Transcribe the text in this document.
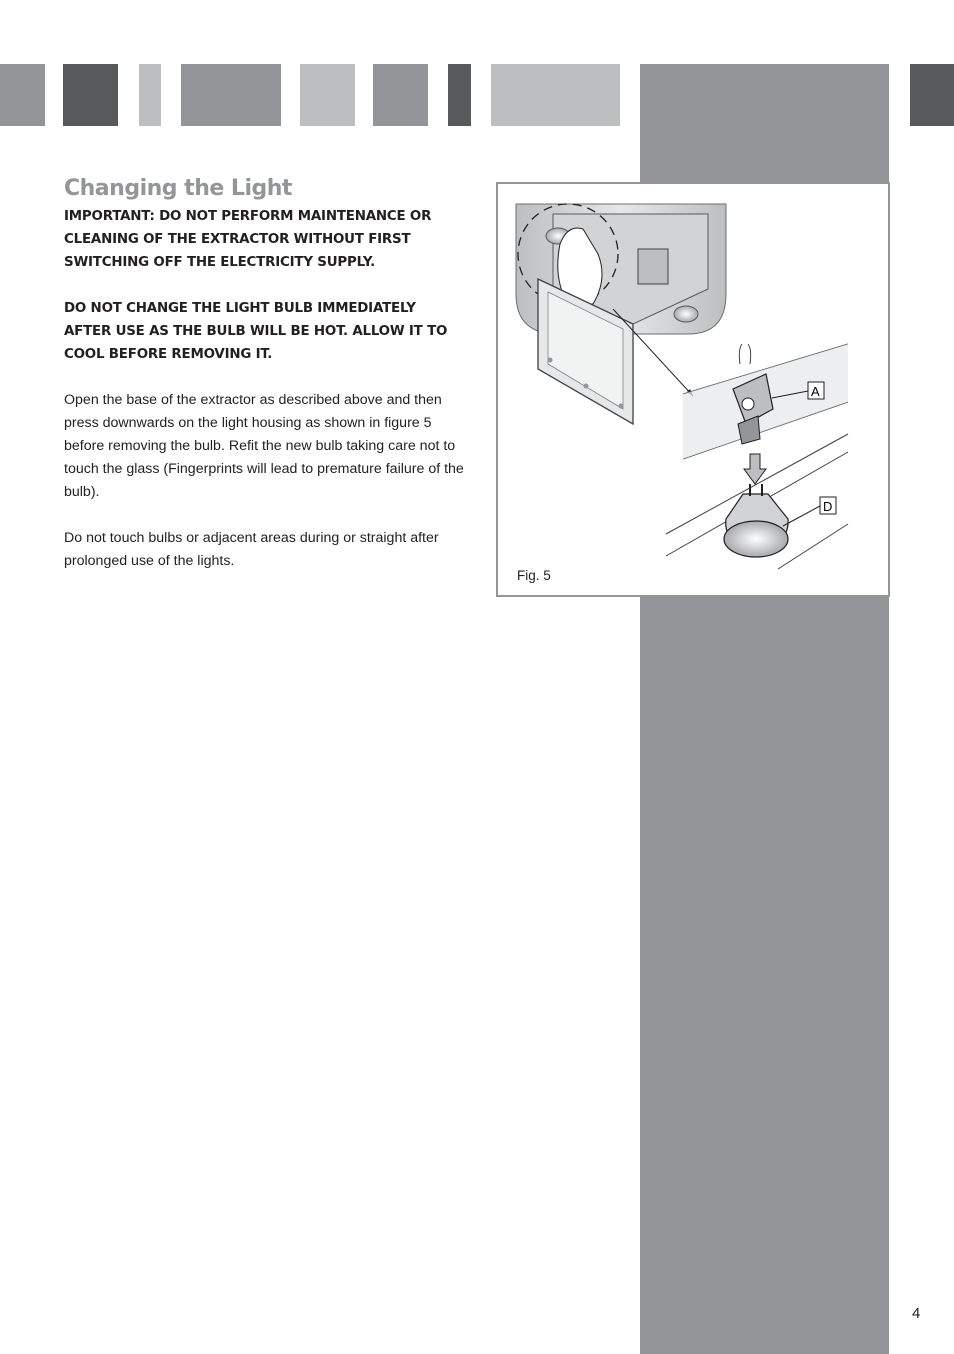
Changing the Light

IMPORTANT: DO NOT PERFORM MAINTENANCE OR CLEANING OF THE EXTRACTOR WITHOUT FIRST SWITCHING OFF THE ELECTRICITY SUPPLY.

DO NOT CHANGE THE LIGHT BULB IMMEDIATELY AFTER USE AS THE BULB WILL BE HOT. ALLOW IT TO COOL BEFORE REMOVING IT.

Open the base of the extractor as described above and then press downwards on the light housing as shown in figure 5 before removing the bulb. Refit the new bulb taking care not to touch the glass (Fingerprints will lead to premature failure of the bulb).

Do not touch bulbs or adjacent areas during or straight after prolonged use of the lights.

A
D
Fig. 5
4
